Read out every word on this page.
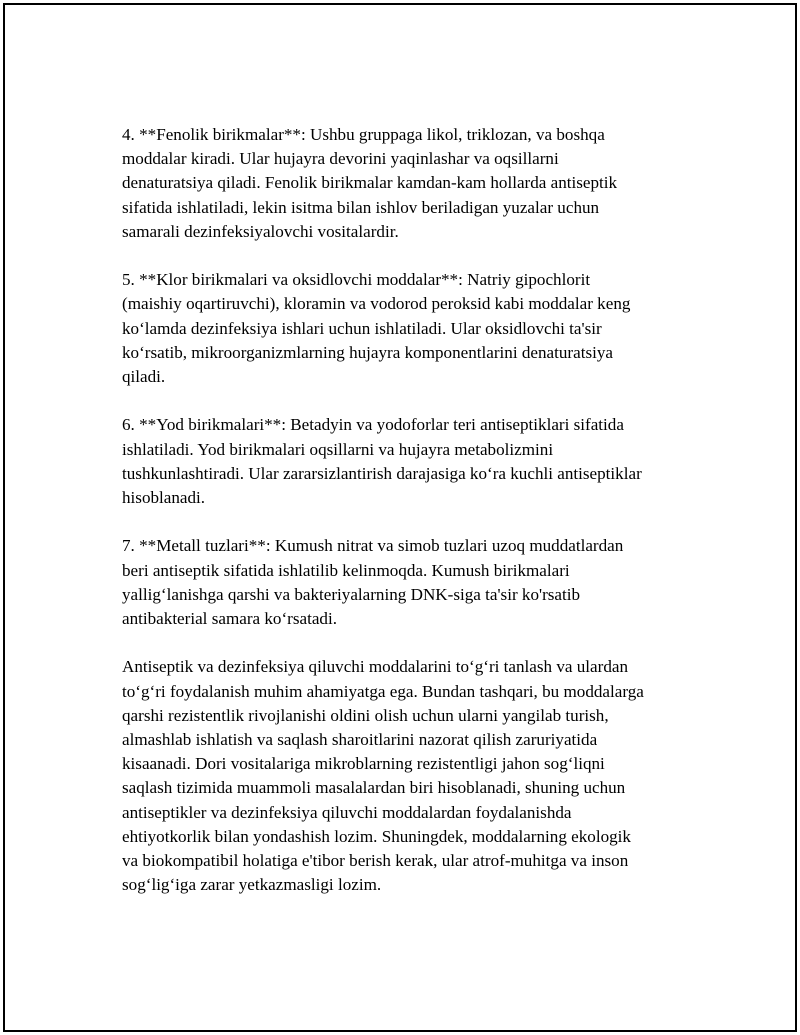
4. **Fenolik birikmalar**: Ushbu gruppaga likol, triklozan, va boshqa
moddalar kiradi. Ular hujayra devorini yaqinlashar va oqsillarni
denaturatsiya qiladi. Fenolik birikmalar kamdan-kam hollarda antiseptik
sifatida ishlatiladi, lekin isitma bilan ishlov beriladigan yuzalar uchun
samarali dezinfeksiyalovchi vositalardir.

5. **Klor birikmalari va oksidlovchi moddalar**: Natriy gipochlorit
(maishiy oqartiruvchi), kloramin va vodorod peroksid kabi moddalar keng
ko‘lamda dezinfeksiya ishlari uchun ishlatiladi. Ular oksidlovchi ta'sir
ko‘rsatib, mikroorganizmlarning hujayra komponentlarini denaturatsiya
qiladi.

6. **Yod birikmalari**: Betadyin va yodoforlar teri antiseptiklari sifatida
ishlatiladi. Yod birikmalari oqsillarni va hujayra metabolizmini
tushkunlashtiradi. Ular zararsizlantirish darajasiga ko‘ra kuchli antiseptiklar
hisoblanadi.

7. **Metall tuzlari**: Kumush nitrat va simob tuzlari uzoq muddatlardan
beri antiseptik sifatida ishlatilib kelinmoqda. Kumush birikmalari
yallig‘lanishga qarshi va bakteriyalarning DNK-siga ta'sir ko'rsatib
antibakterial samara ko‘rsatadi.

Antiseptik va dezinfeksiya qiluvchi moddalarini to‘g‘ri tanlash va ulardan
to‘g‘ri foydalanish muhim ahamiyatga ega. Bundan tashqari, bu moddalarga
qarshi rezistentlik rivojlanishi oldini olish uchun ularni yangilab turish,
almashlab ishlatish va saqlash sharoitlarini nazorat qilish zaruriyatida
kisaanadi. Dori vositalariga mikroblarning rezistentligi jahon sog‘liqni
saqlash tizimida muammoli masalalardan biri hisoblanadi, shuning uchun
antiseptikler va dezinfeksiya qiluvchi moddalardan foydalanishda
ehtiyotkorlik bilan yondashish lozim. Shuningdek, moddalarning ekologik
va biokompatibil holatiga e'tibor berish kerak, ular atrof-muhitga va inson
sog‘lig‘iga zarar yetkazmasligi lozim.
